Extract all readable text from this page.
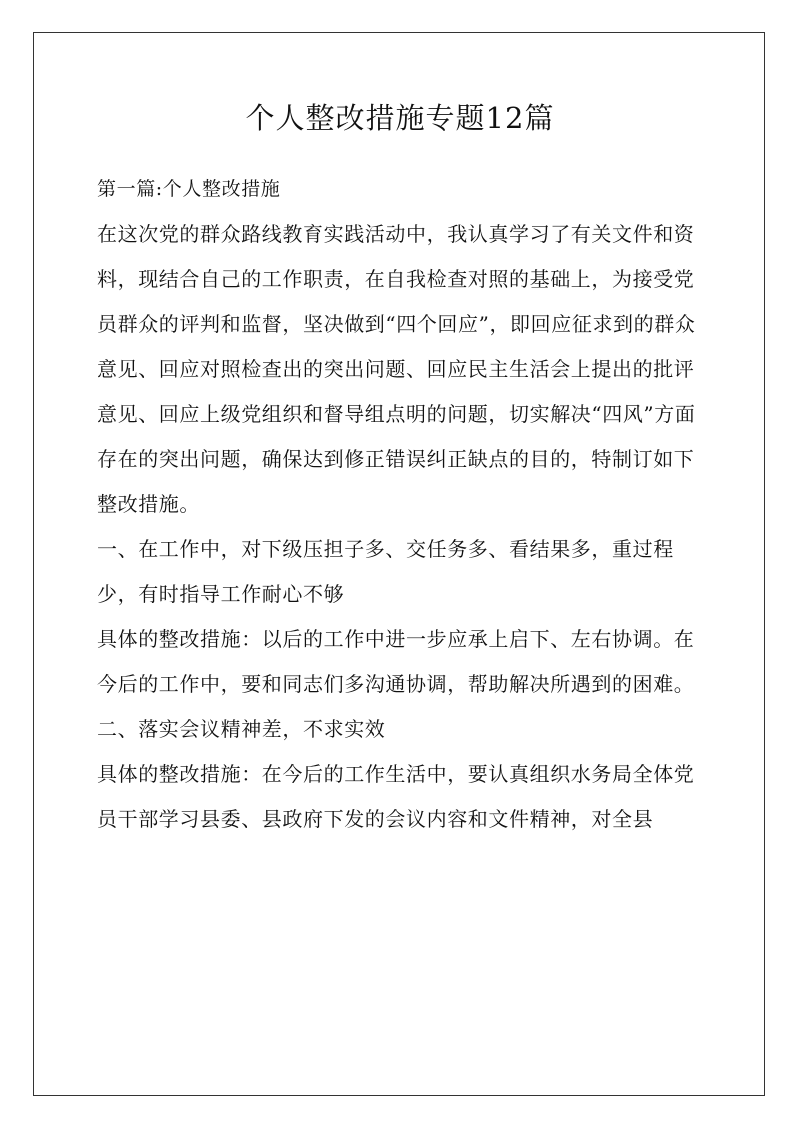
个人整改措施专题12篇

第一篇:个人整改措施

在这次党的群众路线教育实践活动中，我认真学习了有关文件和资料，现结合自己的工作职责，在自我检查对照的基础上，为接受党员群众的评判和监督，坚决做到“四个回应”，即回应征求到的群众意见、回应对照检查出的突出问题、回应民主生活会上提出的批评意见、回应上级党组织和督导组点明的问题，切实解决“四风”方面存在的突出问题，确保达到修正错误纠正缺点的目的，特制订如下整改措施。

一、在工作中，对下级压担子多、交任务多、看结果多，重过程少，有时指导工作耐心不够

具体的整改措施：以后的工作中进一步应承上启下、左右协调。在今后的工作中，要和同志们多沟通协调，帮助解决所遇到的困难。

二、落实会议精神差，不求实效

具体的整改措施：在今后的工作生活中，要认真组织水务局全体党员干部学习县委、县政府下发的会议内容和文件精神，对全县
